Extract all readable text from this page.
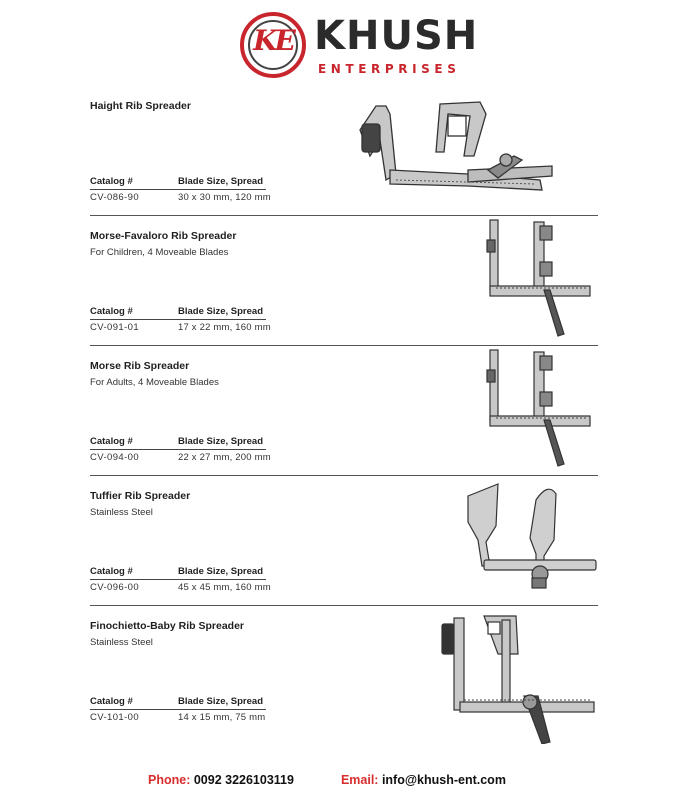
KE KHUSH
ENTERPRISES
Haight Rib Spreader
Catalog #	Blade Size, Spread
CV-086-90	30 x 30 mm, 120 mm
Morse-Favaloro Rib Spreader
For Children, 4 Moveable Blades
Catalog #	Blade Size, Spread
CV-091-01	17 x 22 mm, 160 mm
Morse Rib Spreader
For Adults, 4 Moveable Blades
Catalog #	Blade Size, Spread
CV-094-00	22 x 27 mm, 200 mm
Tuffier Rib Spreader
Stainless Steel
Catalog #	Blade Size, Spread
CV-096-00	45 x 45 mm, 160 mm
Finochietto-Baby Rib Spreader
Stainless Steel
Catalog #	Blade Size, Spread
CV-101-00	14 x 15 mm, 75 mm
Phone: 0092 3226103119	Email: info@khush-ent.com
